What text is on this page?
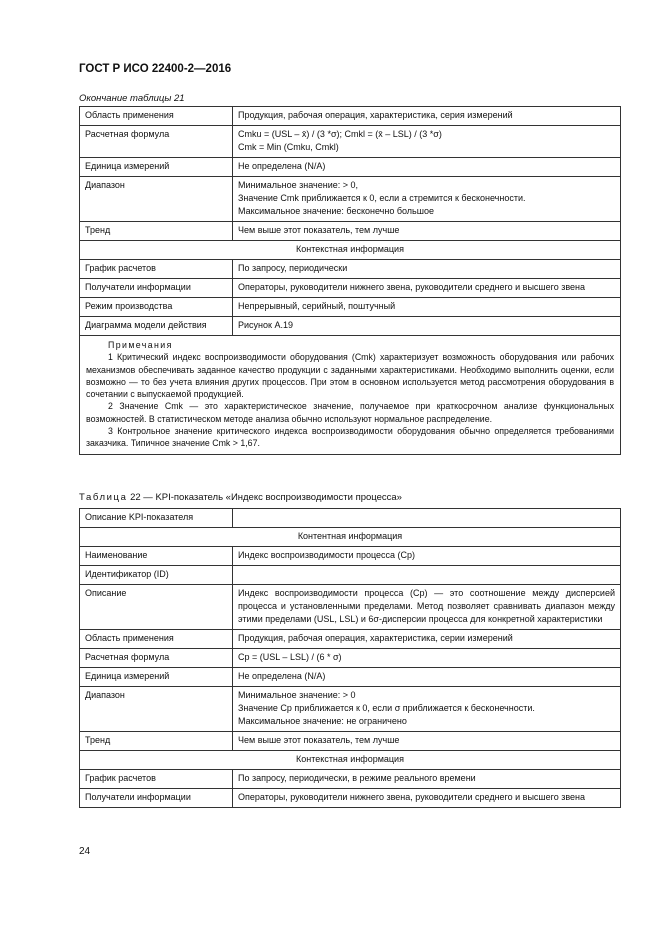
ГОСТ Р ИСО 22400-2—2016
Окончание таблицы 21
Область применения	Продукция, рабочая операция, характеристика, серия измерений
Расчетная формула	Cmku = (USL – x̄) / (3 *σ); Cmkl = (x̄ – LSL) / (3 *σ)
Cmk = Min (Cmku, Cmkl)

Единица измерений	Не определена (N/A)
Диапазон	Минимальное значение: > 0,
Значение Cmk приближается к 0, если a стремится к бесконечности.
Максимальное значение: бесконечно большое

Тренд	Чем выше этот показатель, тем лучше
Контекстная информация	
График расчетов	По запросу, периодически
Получатели информации	Операторы, руководители нижнего звена, руководители среднего и высшего звена
Режим производства	Непрерывный, серийный, поштучный
Диаграмма модели действия	Рисунок А.19

Примечания

1 Критический индекс воспроизводимости оборудования (Cmk) характеризует возможность оборудования или рабочих механизмов обеспечивать заданное качество продукции с заданными характеристиками. Необходимо выполнить оценки, если возможно — то без учета влияния других процессов. При этом в основном используется метод рассмотрения оборудования в сочетании с выпускаемой продукцией.

2 Значение Cmk — это характеристическое значение, получаемое при краткосрочном анализе функциональных возможностей. В статистическом методе анализа обычно используют нормальное распределение.

3 Контрольное значение критического индекса воспроизводимости оборудования обычно определяется требованиями заказчика. Типичное значение Cmk > 1,67.	

Таблица 22 — KPI-показатель «Индекс воспроизводимости процесса»
Описание KPI-показателя	
Контентная информация	
Наименование	Индекс воспроизводимости процесса (Cp)
Идентификатор (ID)	
Описание	Индекс воспроизводимости процесса (Cp) — это соотношение между дисперсией процесса и установленными пределами. Метод позволяет сравнивать диапазон между этими пределами (USL, LSL) и 6σ-дисперсии процесса для конкретной характеристики
Область применения	Продукция, рабочая операция, характеристика, серии измерений
Расчетная формула	Cp = (USL – LSL) / (6 * σ)
Единица измерений	Не определена (N/A)
Диапазон	Минимальное значение: > 0
Значение Cp приближается к 0, если σ приближается к бесконечности.
Максимальное значение: не ограничено

Тренд	Чем выше этот показатель, тем лучше
Контекстная информация	
График расчетов	По запросу, периодически, в режиме реального времени
Получатели информации	Операторы, руководители нижнего звена, руководители среднего и высшего звена
24
